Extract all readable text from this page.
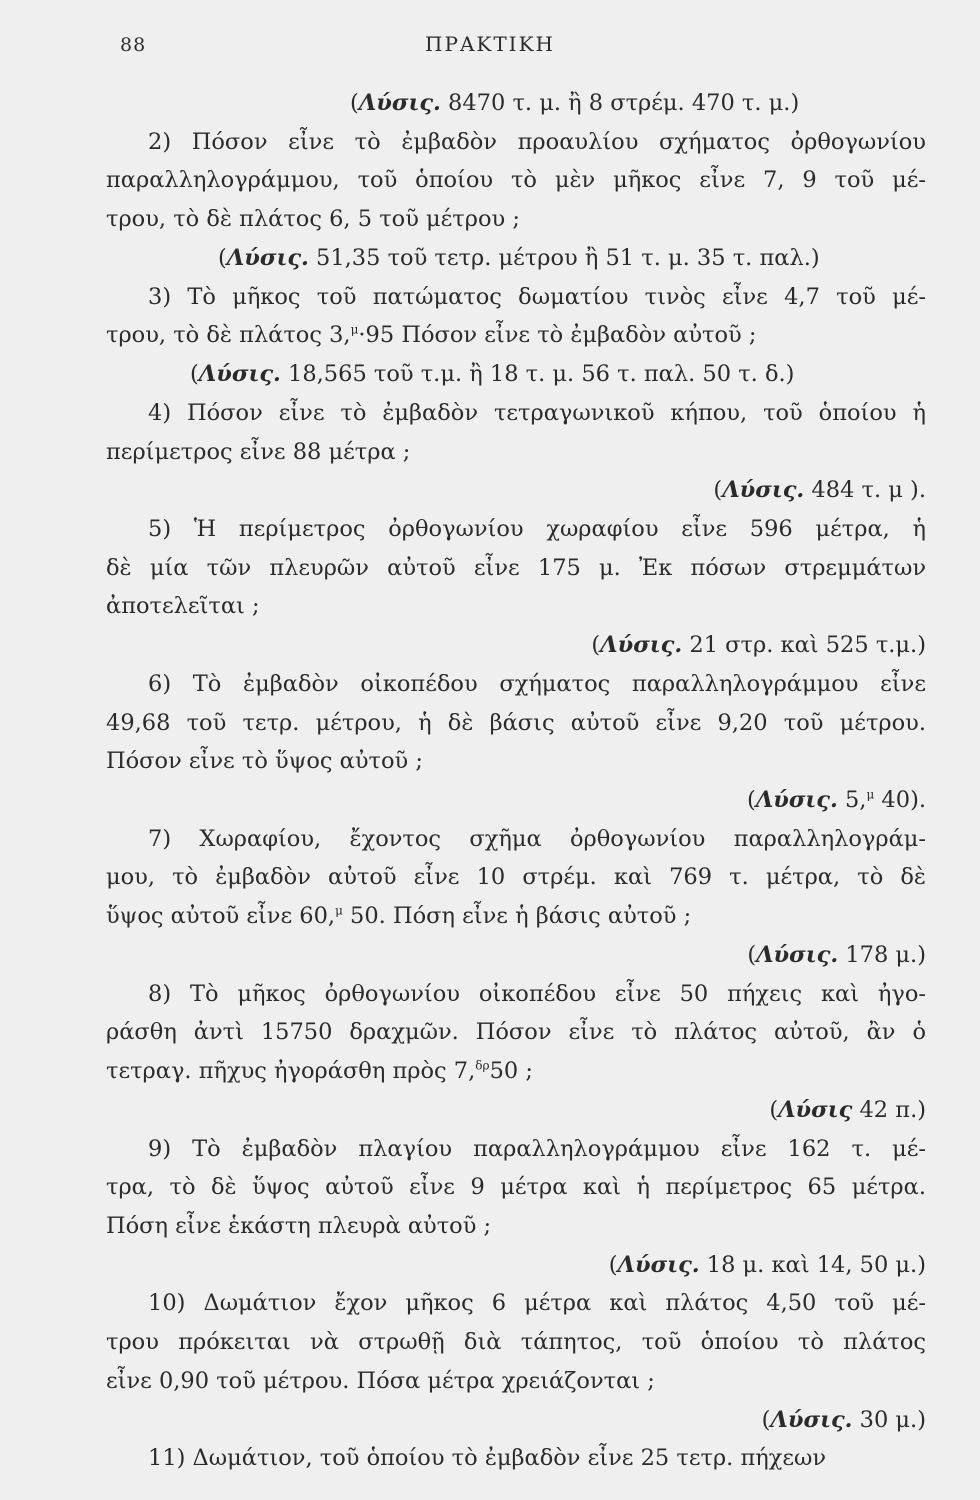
88	ΠΡΑΚΤΙΚΗ
(Λύσις. 8470 τ. μ. ἢ 8 στρέμ. 470 τ. μ.)
2) Πόσον εἶνε τὸ ἐμβαδὸν προαυλίου σχήματος ὀρθογωνίου
παραλληλογράμμου, τοῦ ὁποίου τὸ μὲν μῆκος εἶνε 7, 9 τοῦ μέ-
τρου, τὸ δὲ πλάτος 6, 5 τοῦ μέτρου ;
(Λύσις. 51,35 τοῦ τετρ. μέτρου ἢ 51 τ. μ. 35 τ. παλ.)
3) Τὸ μῆκος τοῦ πατώματος δωματίου τινὸς εἶνε 4,7 τοῦ μέ-
τρου, τὸ δὲ πλάτος 3,$^\mu$·95 Πόσον εἶνε τὸ ἐμβαδὸν αὐτοῦ ;
(Λύσις. 18,565 τοῦ τ.μ. ἢ 18 τ. μ. 56 τ. παλ. 50 τ. δ.)
4) Πόσον εἶνε τὸ ἐμβαδὸν τετραγωνικοῦ κήπου, τοῦ ὁποίου ἡ
περίμετρος εἶνε 88 μέτρα ;
(Λύσις. 484 τ. μ ).
5) Ἡ περίμετρος ὀρθογωνίου χωραφίου εἶνε 596 μέτρα, ἡ
δὲ μία τῶν πλευρῶν αὐτοῦ εἶνε 175 μ. Ἐκ πόσων στρεμμάτων
ἀποτελεῖται ;
(Λύσις. 21 στρ. καὶ 525 τ.μ.)
6) Τὸ ἐμβαδὸν οἰκοπέδου σχήματος παραλληλογράμμου εἶνε
49,68 τοῦ τετρ. μέτρου, ἡ δὲ βάσις αὐτοῦ εἶνε 9,20 τοῦ μέτρου.
Πόσον εἶνε τὸ ὕψος αὐτοῦ ;
(Λύσις. 5,$^\mu$ 40).
7) Χωραφίου, ἔχοντος σχῆμα ὀρθογωνίου παραλληλογράμ-
μου, τὸ ἐμβαδὸν αὐτοῦ εἶνε 10 στρέμ. καὶ 769 τ. μέτρα, τὸ δὲ
ὕψος αὐτοῦ εἶνε 60,$^\mu$ 50. Πόση εἶνε ἡ βάσις αὐτοῦ ;
(Λύσις. 178 μ.)
8) Τὸ μῆκος ὀρθογωνίου οἰκοπέδου εἶνε 50 πήχεις καὶ ἠγο-
ράσθη ἀντὶ 15750 δραχμῶν. Πόσον εἶνε τὸ πλάτος αὐτοῦ, ἂν ὁ
τετραγ. πῆχυς ἠγοράσθη πρὸς 7,$^{\delta\rho}$50 ;
(Λύσις 42 π.)
9) Τὸ ἐμβαδὸν πλαγίου παραλληλογράμμου εἶνε 162 τ. μέ-
τρα, τὸ δὲ ὕψος αὐτοῦ εἶνε 9 μέτρα καὶ ἡ περίμετρος 65 μέτρα.
Πόση εἶνε ἑκάστη πλευρὰ αὐτοῦ ;
(Λύσις. 18 μ. καὶ 14, 50 μ.)
10) Δωμάτιον ἔχον μῆκος 6 μέτρα καὶ πλάτος 4,50 τοῦ μέ-
τρου πρόκειται νὰ στρωθῇ διὰ τάπητος, τοῦ ὁποίου τὸ πλάτος
εἶνε 0,90 τοῦ μέτρου. Πόσα μέτρα χρειάζονται ;
(Λύσις. 30 μ.)
11) Δωμάτιον, τοῦ ὁποίου τὸ ἐμβαδὸν εἶνε 25 τετρ. πήχεων
